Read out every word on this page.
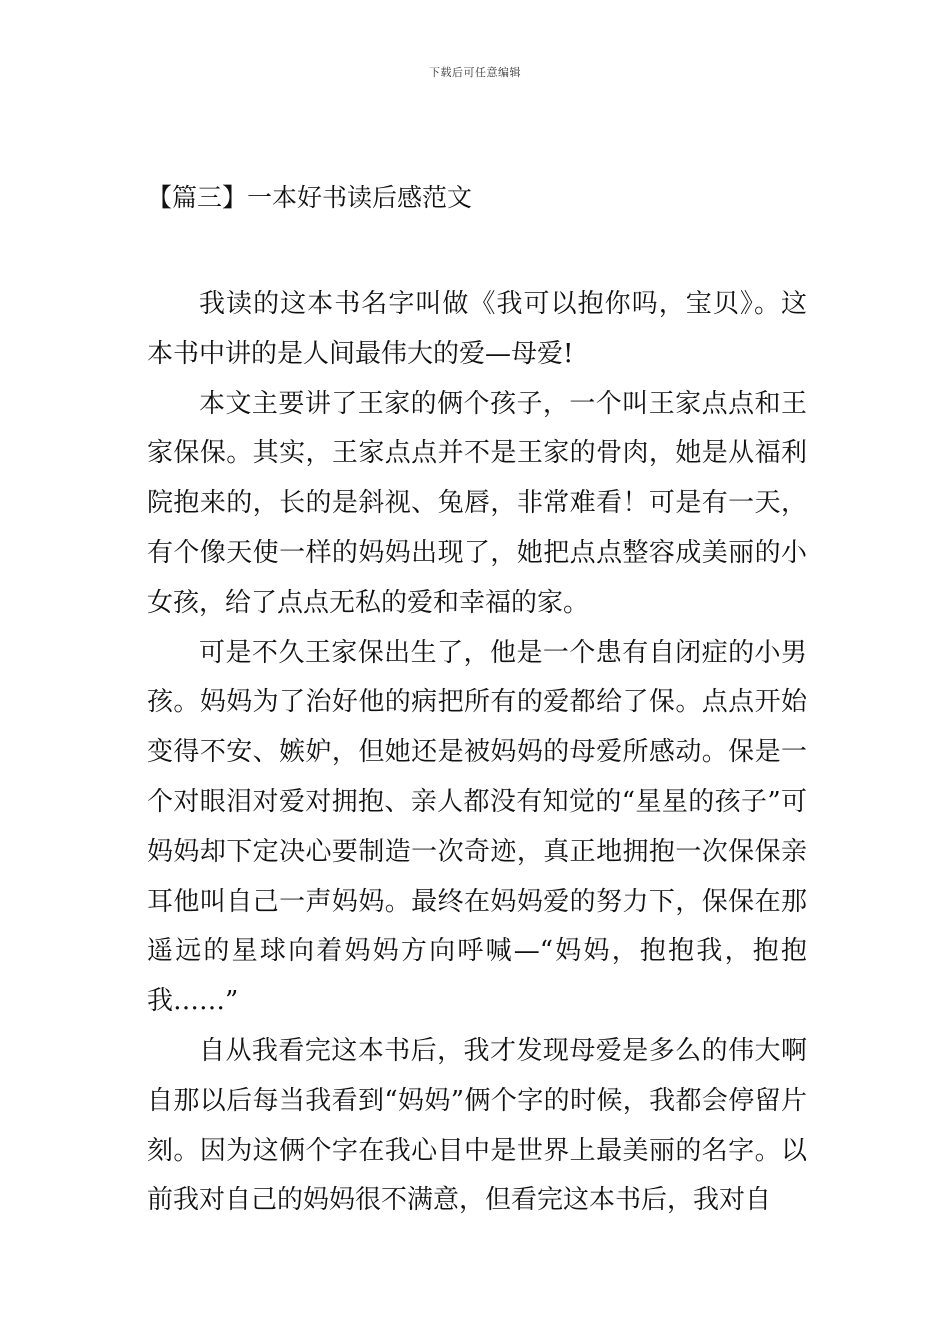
下载后可任意编辑
【篇三】一本好书读后感范文

我读的这本书名字叫做《我可以抱你吗，宝贝》。这本书中讲的是人间最伟大的爱—母爱!

本文主要讲了王家的俩个孩子，一个叫王家点点和王家保保。其实，王家点点并不是王家的骨肉，她是从福利院抱来的，长的是斜视、兔唇，非常难看！可是有一天，有个像天使一样的妈妈出现了，她把点点整容成美丽的小女孩，给了点点无私的爱和幸福的家。

可是不久王家保出生了，他是一个患有自闭症的小男孩。妈妈为了治好他的病把所有的爱都给了保。点点开始变得不安、嫉妒，但她还是被妈妈的母爱所感动。保是一个对眼泪对爱对拥抱、亲人都没有知觉的“星星的孩子”可妈妈却下定决心要制造一次奇迹，真正地拥抱一次保保亲耳他叫自己一声妈妈。最终在妈妈爱的努力下，保保在那遥远的星球向着妈妈方向呼喊—“妈妈，抱抱我，抱抱我……”

自从我看完这本书后，我才发现母爱是多么的伟大啊自那以后每当我看到“妈妈”俩个字的时候，我都会停留片刻。因为这俩个字在我心目中是世界上最美丽的名字。以前我对自己的妈妈很不满意，但看完这本书后，我对自
